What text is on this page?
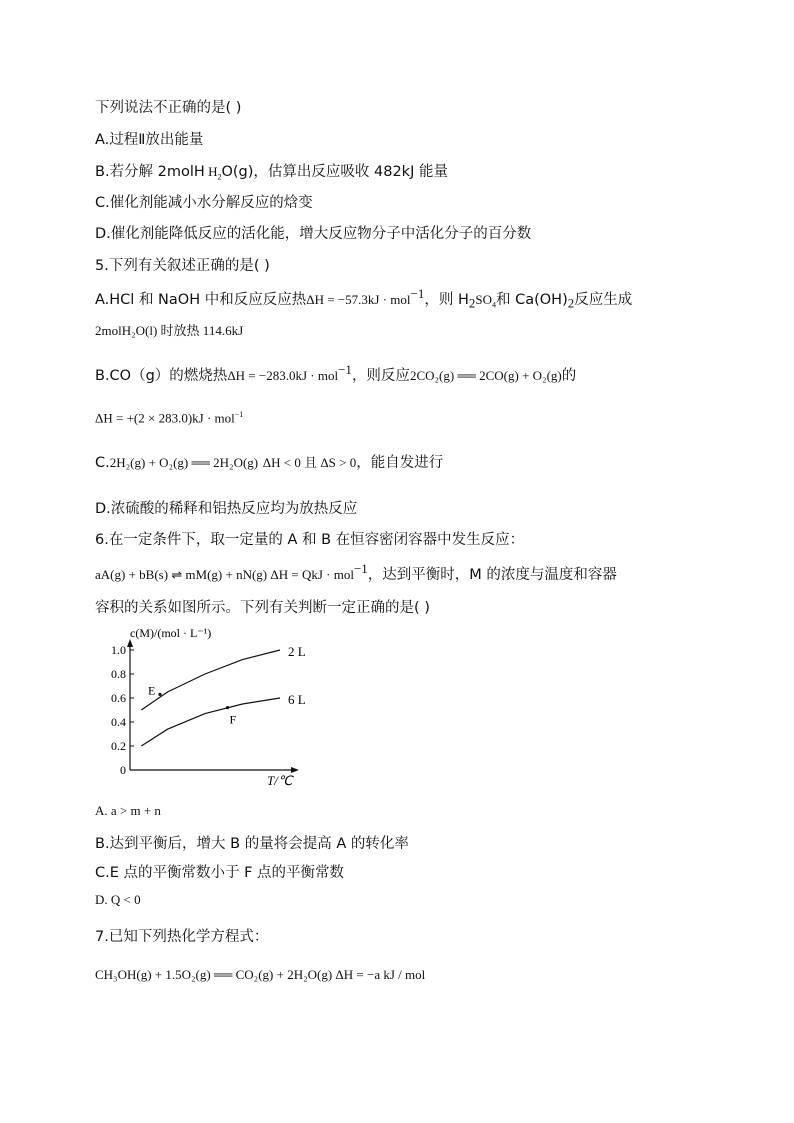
下列说法不正确的是( )
A.过程Ⅱ放出能量
B.若分解 2molH $H_2O(g)$，估算出反应吸收 482kJ 能量
C.催化剂能减小水分解反应的焓变
D.催化剂能降低反应的活化能，增大反应物分子中活化分子的百分数
5.下列有关叙述正确的是( )
A.HCl 和 NaOH 中和反应反应热ΔH = −57.3kJ · mol$^{-1}$，则 $H_2SO_4$和 $Ca(OH)_2$反应生成
2molH₂O(l) 时放热 114.6kJ
B.CO（g）的燃烧热ΔH = −283.0kJ · mol$^{-1}$，则反应2CO₂(g) ══ 2CO(g) + O₂(g)的
ΔH = +(2 × 283.0)kJ · mol$^{-1}$
C.2H₂(g) + O₂(g) ══ 2H₂O(g) ΔH < 0 且 ΔS > 0，能自发进行
D.浓硫酸的稀释和铝热反应均为放热反应
6.在一定条件下，取一定量的 A 和 B 在恒容密闭容器中发生反应：
aA(g) + bB(s) ⇌ mM(g) + nN(g) ΔH = QkJ · mol$^{-1}$，达到平衡时，M 的浓度与温度和容器
容积的关系如图所示。下列有关判断一定正确的是( )
1.0
0.8
0.6
0.4
0.2
0
2 L
6 L
E
F
c(M)/(mol · L⁻¹)
T/℃
A. a > m + n
B.达到平衡后，增大 B 的量将会提高 A 的转化率
C.E 点的平衡常数小于 F 点的平衡常数
D. Q < 0
7.已知下列热化学方程式：
CH₃OH(g) + 1.5O₂(g) ══ CO₂(g) + 2H₂O(g) ΔH = −a kJ / mol
